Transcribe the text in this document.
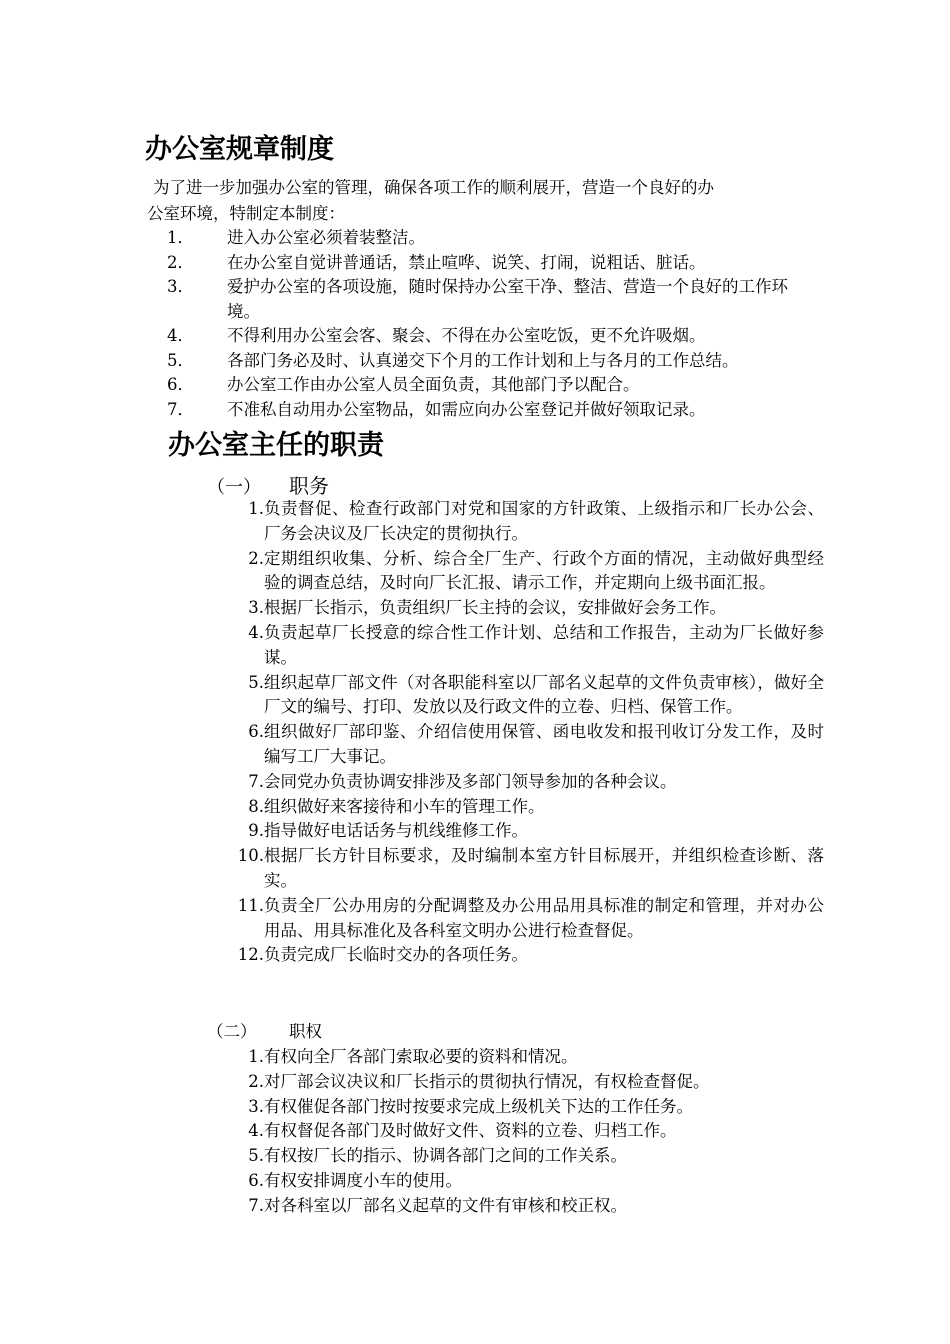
办公室规章制度
为了进一步加强办公室的管理，确保各项工作的顺利展开，营造一个良好的办
公室环境，特制定本制度：
1．	进入办公室必须着装整洁。
2．	在办公室自觉讲普通话，禁止喧哗、说笑、打闹，说粗话、脏话。
3．	爱护办公室的各项设施，随时保持办公室干净、整洁、营造一个良好的工作环境。
4．	不得利用办公室会客、聚会、不得在办公室吃饭，更不允许吸烟。
5．	各部门务必及时、认真递交下个月的工作计划和上与各月的工作总结。
6．	办公室工作由办公室人员全面负责，其他部门予以配合。
7．	不准私自动用办公室物品，如需应向办公室登记并做好领取记录。
办公室主任的职责
（一）	职务
1. 负责督促、检查行政部门对党和国家的方针政策、上级指示和厂长办公会、厂务会决议及厂长决定的贯彻执行。
2. 定期组织收集、分析、综合全厂生产、行政个方面的情况，主动做好典型经验的调查总结，及时向厂长汇报、请示工作，并定期向上级书面汇报。
3. 根据厂长指示，负责组织厂长主持的会议，安排做好会务工作。
4. 负责起草厂长授意的综合性工作计划、总结和工作报告，主动为厂长做好参谋。
5. 组织起草厂部文件（对各职能科室以厂部名义起草的文件负责审核），做好全厂文的编号、打印、发放以及行政文件的立卷、归档、保管工作。
6. 组织做好厂部印鉴、介绍信使用保管、函电收发和报刊收订分发工作，及时编写工厂大事记。
7. 会同党办负责协调安排涉及多部门领导参加的各种会议。
8. 组织做好来客接待和小车的管理工作。
9. 指导做好电话话务与机线维修工作。
10. 根据厂长方针目标要求，及时编制本室方针目标展开，并组织检查诊断、落实。
11. 负责全厂公办用房的分配调整及办公用品用具标准的制定和管理，并对办公用品、用具标准化及各科室文明办公进行检查督促。
12. 负责完成厂长临时交办的各项任务。
（二）	职权
1. 有权向全厂各部门索取必要的资料和情况。
2. 对厂部会议决议和厂长指示的贯彻执行情况，有权检查督促。
3. 有权催促各部门按时按要求完成上级机关下达的工作任务。
4. 有权督促各部门及时做好文件、资料的立卷、归档工作。
5. 有权按厂长的指示、协调各部门之间的工作关系。
6. 有权安排调度小车的使用。
7. 对各科室以厂部名义起草的文件有审核和校正权。
